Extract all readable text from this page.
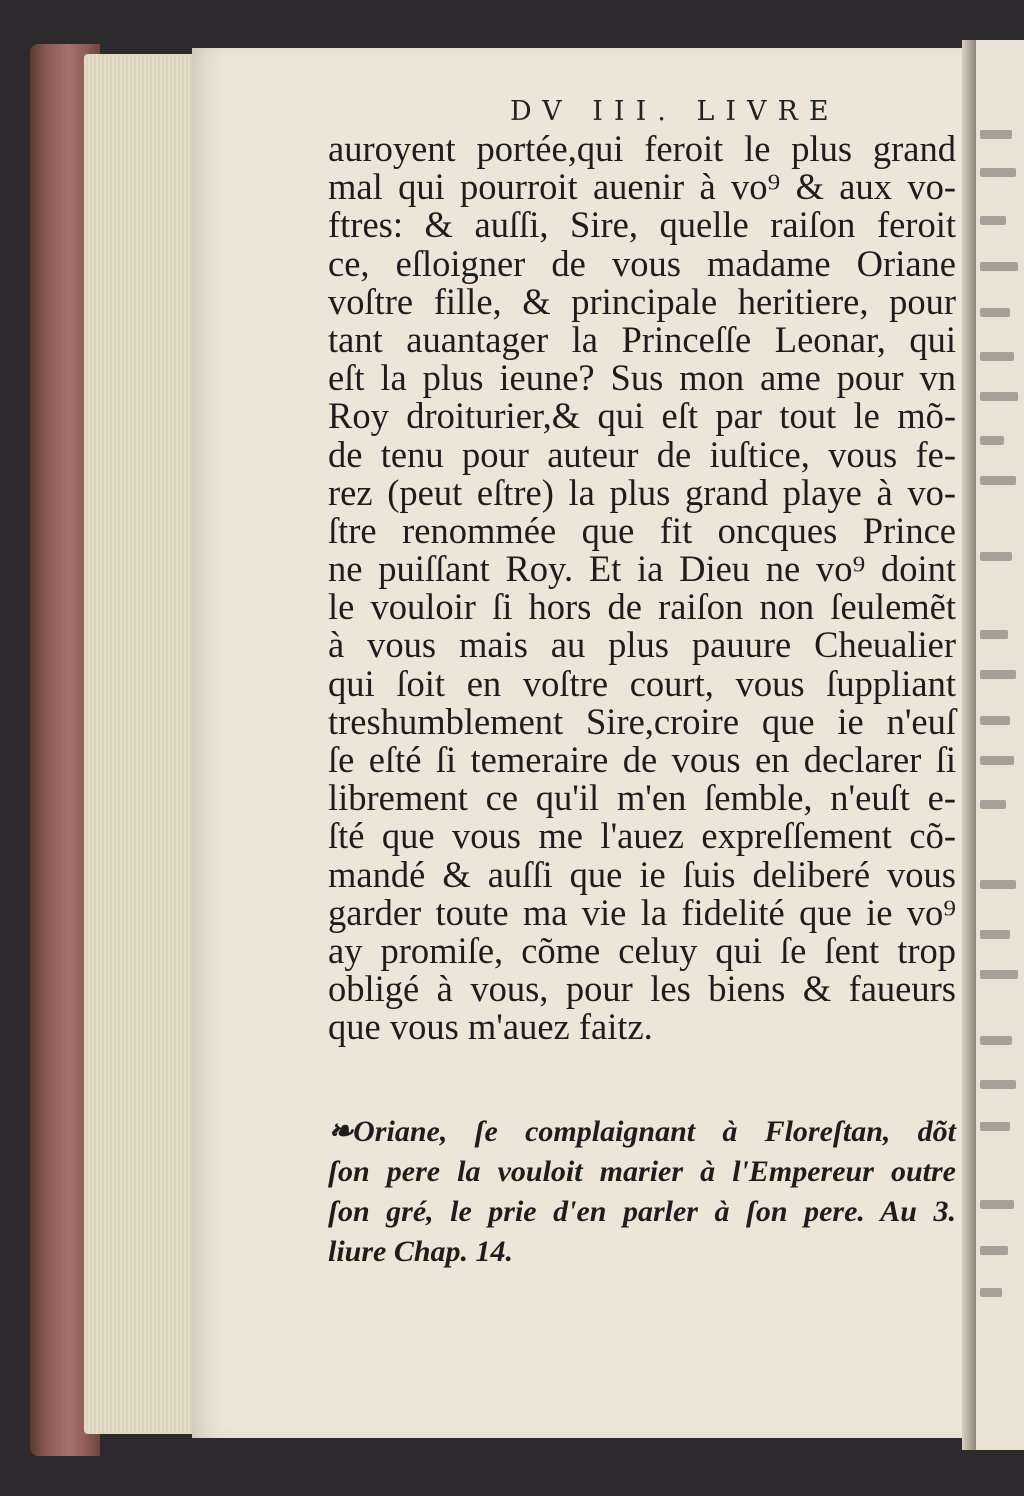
DV III. LIVRE
auroyent portée,qui feroit le plus grand
mal qui pourroit auenir à vo⁹ & aux vo-
ftres: & auſſi, Sire, quelle raiſon feroit
ce, eſloigner de vous madame Oriane
voſtre fille, & principale heritiere, pour
tant auantager la Princeſſe Leonar, qui
eſt la plus ieune? Sus mon ame pour vn
Roy droiturier,& qui eſt par tout le mõ-
de tenu pour auteur de iuſtice, vous fe-
rez (peut eſtre) la plus grand playe à vo-
ſtre renommée que fit oncques Prince
ne puiſſant Roy. Et ia Dieu ne vo⁹ doint
le vouloir ſi hors de raiſon non ſeulemẽt
à vous mais au plus pauure Cheualier
qui ſoit en voſtre court, vous ſuppliant
treshumblement Sire,croire que ie n'euſ
ſe eſté ſi temeraire de vous en declarer ſi
librement ce qu'il m'en ſemble, n'euſt e-
ſté que vous me l'auez expreſſement cõ-
mandé & auſſi que ie ſuis deliberé vous
garder toute ma vie la fidelité que ie vo⁹
ay promiſe, cõme celuy qui ſe ſent trop
obligé à vous, pour les biens & faueurs
que vous m'auez faitz.
❧Oriane, ſe complaignant à Floreſtan, dõt
ſon pere la vouloit marier à l'Empereur outre
ſon gré, le prie d'en parler à ſon pere. Au 3.
liure Chap. 14.
